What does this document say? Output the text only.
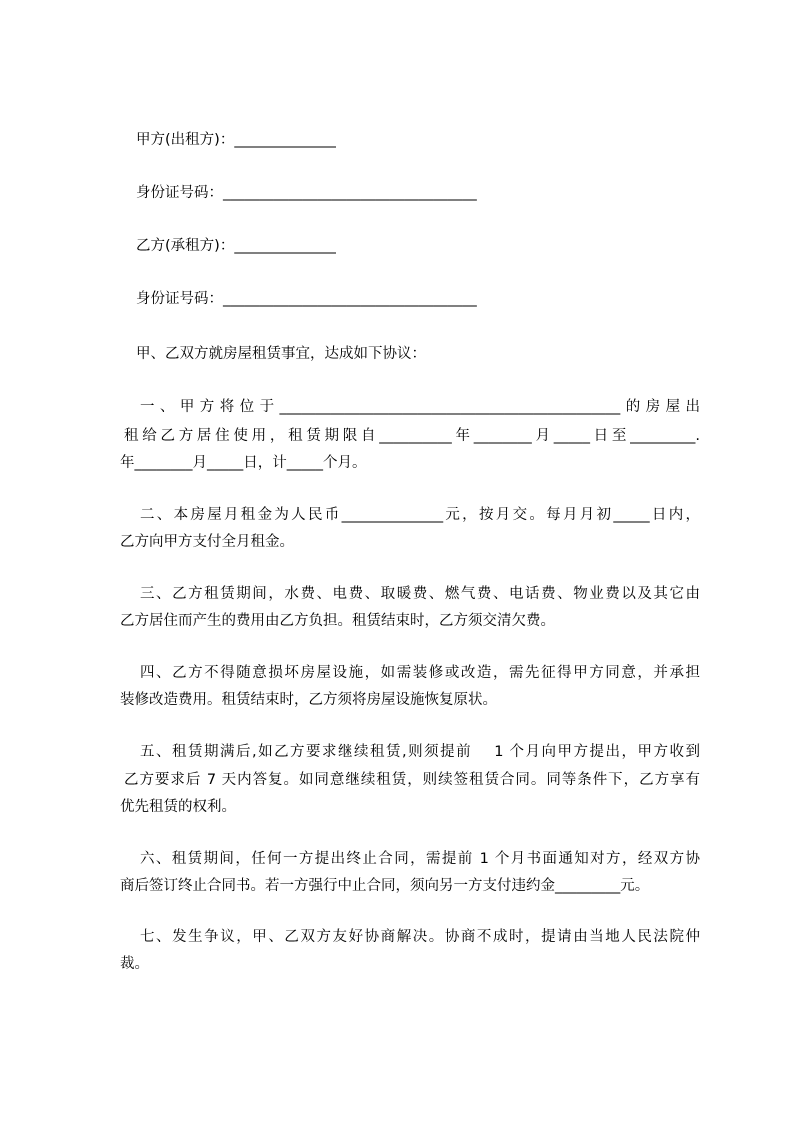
甲方(出租方)：______________
身份证号码：___________________________________
乙方(承租方)：______________
身份证号码：___________________________________
甲、乙双方就房屋租赁事宜，达成如下协议：
一、甲方将位于_______________________________________________的房屋出
租给乙方居住使用，租赁期限自__________年________月_____日至_________.
年________月_____日，计_____个月。
二、本房屋月租金为人民币______________元，按月交。每月月初_____日内，
乙方向甲方支付全月租金。
三、乙方租赁期间，水费、电费、取暖费、燃气费、电话费、物业费以及其它由
乙方居住而产生的费用由乙方负担。租赁结束时，乙方须交清欠费。
四、乙方不得随意损坏房屋设施，如需装修或改造，需先征得甲方同意，并承担
装修改造费用。租赁结束时，乙方须将房屋设施恢复原状。
五、租赁期满后,如乙方要求继续租赁,则须提前　 1 个月向甲方提出，甲方收到
乙方要求后 7 天内答复。如同意继续租赁，则续签租赁合同。同等条件下，乙方享有
优先租赁的权利。
六、租赁期间，任何一方提出终止合同，需提前 1 个月书面通知对方，经双方协
商后签订终止合同书。若一方强行中止合同，须向另一方支付违约金_________元。
七、发生争议，甲、乙双方友好协商解决。协商不成时，提请由当地人民法院仲
裁。
